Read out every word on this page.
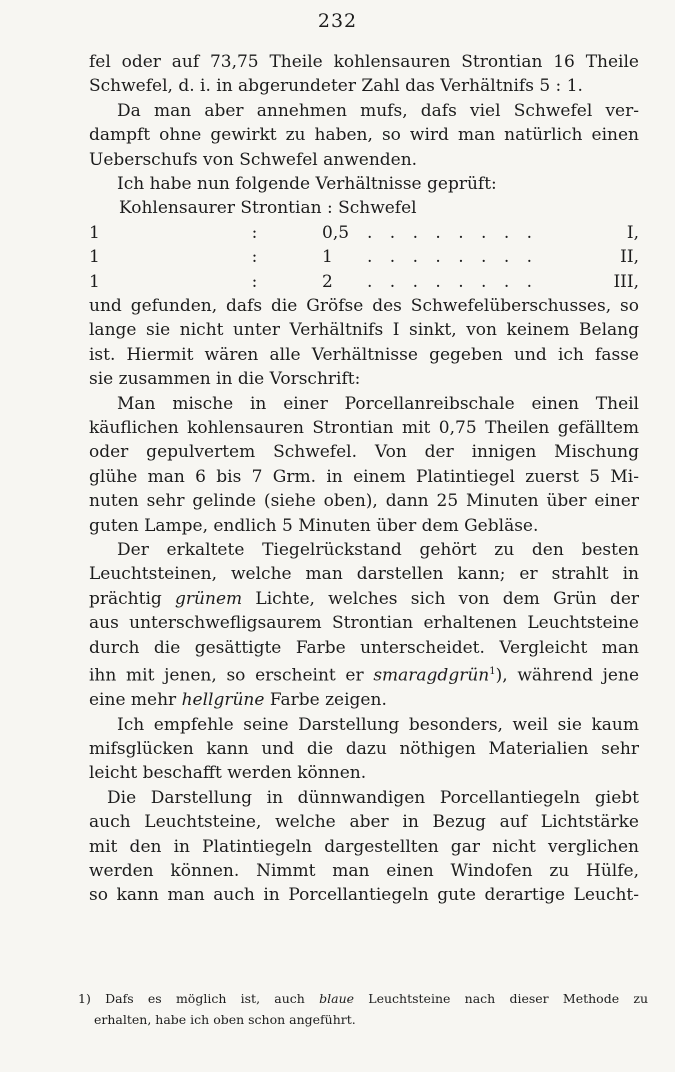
232
fel oder auf 73,75 Theile kohlensauren Strontian 16 Theile
Schwefel, d. i. in abgerundeter Zahl das Verhältnifs 5 : 1.
Da man aber annehmen mufs, dafs viel Schwefel ver-
dampft ohne gewirkt zu haben, so wird man natürlich einen
Ueberschufs von Schwefel anwenden.
Ich habe nun folgende Verhältnisse geprüft:
Kohlensaurer Strontian : Schwefel
1	:	0,5	. . . . . . . .	I,
1	:	1	. . . . . . . .	II,
1	:	2	. . . . . . . .	III,
und gefunden, dafs die Gröfse des Schwefelüberschusses, so
lange sie nicht unter Verhältnifs I sinkt, von keinem Belang
ist. Hiermit wären alle Verhältnisse gegeben und ich fasse
sie zusammen in die Vorschrift:
Man mische in einer Porcellanreibschale einen Theil
käuflichen kohlensauren Strontian mit 0,75 Theilen gefälltem
oder gepulvertem Schwefel. Von der innigen Mischung
glühe man 6 bis 7 Grm. in einem Platintiegel zuerst 5 Mi-
nuten sehr gelinde (siehe oben), dann 25 Minuten über einer
guten Lampe, endlich 5 Minuten über dem Gebläse.
Der erkaltete Tiegelrückstand gehört zu den besten
Leuchtsteinen, welche man darstellen kann; er strahlt in
prächtig grünem Lichte, welches sich von dem Grün der
aus unterschwefligsaurem Strontian erhaltenen Leuchtsteine
durch die gesättigte Farbe unterscheidet. Vergleicht man
ihn mit jenen, so erscheint er smaragdgrün$^1$), während jene
eine mehr hellgrüne Farbe zeigen.
Ich empfehle seine Darstellung besonders, weil sie kaum
mifsglücken kann und die dazu nöthigen Materialien sehr
leicht beschafft werden können.
Die Darstellung in dünnwandigen Porcellantiegeln giebt
auch Leuchtsteine, welche aber in Bezug auf Lichtstärke
mit den in Platintiegeln dargestellten gar nicht verglichen
werden können. Nimmt man einen Windofen zu Hülfe,
so kann man auch in Porcellantiegeln gute derartige Leucht-
1) Dafs es möglich ist, auch blaue Leuchtsteine nach dieser Methode zu
erhalten, habe ich oben schon angeführt.
